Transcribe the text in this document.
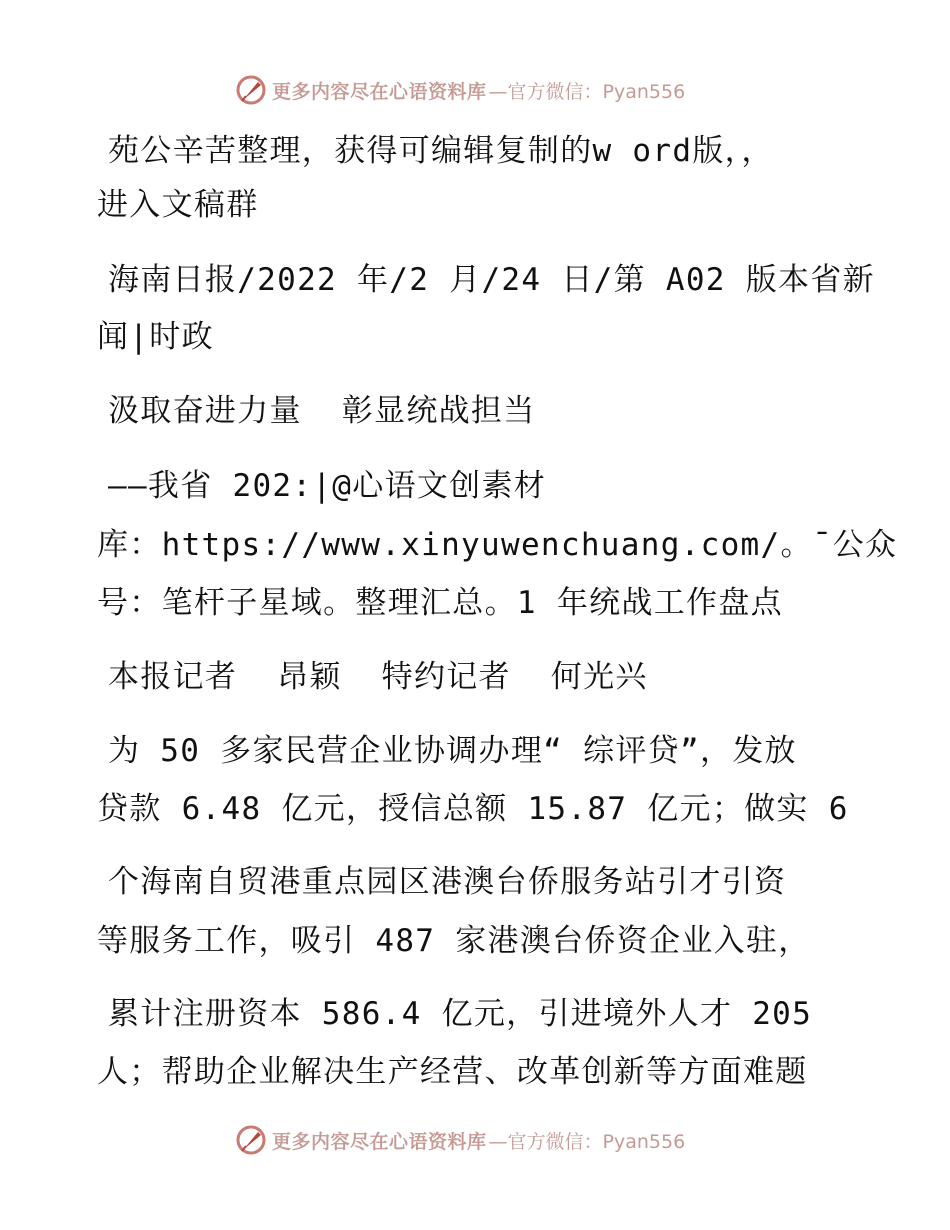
更多内容尽在心语资料库 —官方微信：Pyan556
苑公辛苦整理，获得可编辑复制的w ord版，，
进入文稿群
海南日报/2022 年/2 月/24 日/第 A02 版本省新
闻|时政
汲取奋进力量  彰显统战担当
——我省 202:|@心语文创素材
库：https://www.xinyuwenchuang.com/。¯公众
号：笔杆子星域。整理汇总。1 年统战工作盘点
本报记者  昂颖  特约记者  何光兴
为 50 多家民营企业协调办理“ 综评贷”，发放
贷款 6.48 亿元，授信总额 15.87 亿元；做实 6
个海南自贸港重点园区港澳台侨服务站引才引资
等服务工作，吸引 487 家港澳台侨资企业入驻，
累计注册资本 586.4 亿元，引进境外人才 205
人；帮助企业解决生产经营、改革创新等方面难题
更多内容尽在心语资料库 —官方微信：Pyan556
